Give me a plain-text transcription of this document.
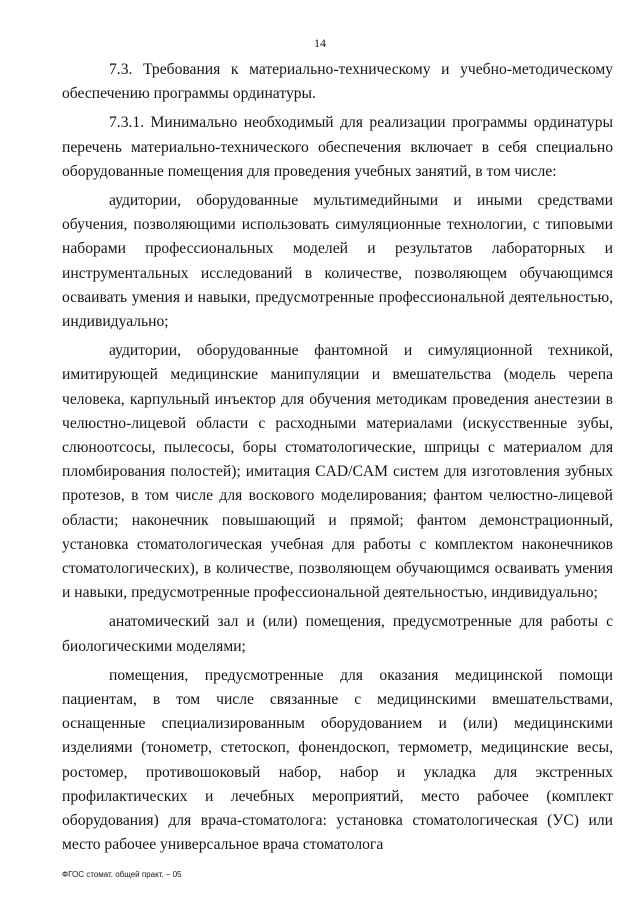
14

7.3. Требования к материально-техническому и учебно-методическому обеспечению программы ординатуры.

7.3.1. Минимально необходимый для реализации программы ординатуры перечень материально-технического обеспечения включает в себя специально оборудованные помещения для проведения учебных занятий, в том числе:

аудитории, оборудованные мультимедийными и иными средствами обучения, позволяющими использовать симуляционные технологии, с типовыми наборами профессиональных моделей и результатов лабораторных и инструментальных исследований в количестве, позволяющем обучающимся осваивать умения и навыки, предусмотренные профессиональной деятельностью, индивидуально;

аудитории, оборудованные фантомной и симуляционной техникой, имитирующей медицинские манипуляции и вмешательства (модель черепа человека, карпульный инъектор для обучения методикам проведения анестезии в челюстно-лицевой области с расходными материалами (искусственные зубы, слюноотсосы, пылесосы, боры стоматологические, шприцы с материалом для пломбирования полостей); имитация CAD/CAM систем для изготовления зубных протезов, в том числе для воскового моделирования; фантом челюстно-лицевой области; наконечник повышающий и прямой; фантом демонстрационный, установка стоматологическая учебная для работы с комплектом наконечников стоматологических), в количестве, позволяющем обучающимся осваивать умения и навыки, предусмотренные профессиональной деятельностью, индивидуально;

анатомический зал и (или) помещения, предусмотренные для работы с биологическими моделями;

помещения, предусмотренные для оказания медицинской помощи пациентам, в том числе связанные с медицинскими вмешательствами, оснащенные специализированным оборудованием и (или) медицинскими изделиями (тонометр, стетоскоп, фонендоскоп, термометр, медицинские весы, ростомер, противошоковый набор, набор и укладка для экстренных профилактических и лечебных мероприятий, место рабочее (комплект оборудования) для врача-стоматолога: установка стоматологическая (УС) или место рабочее универсальное врача стоматолога

ФГОС стомат. общей практ. – 05
